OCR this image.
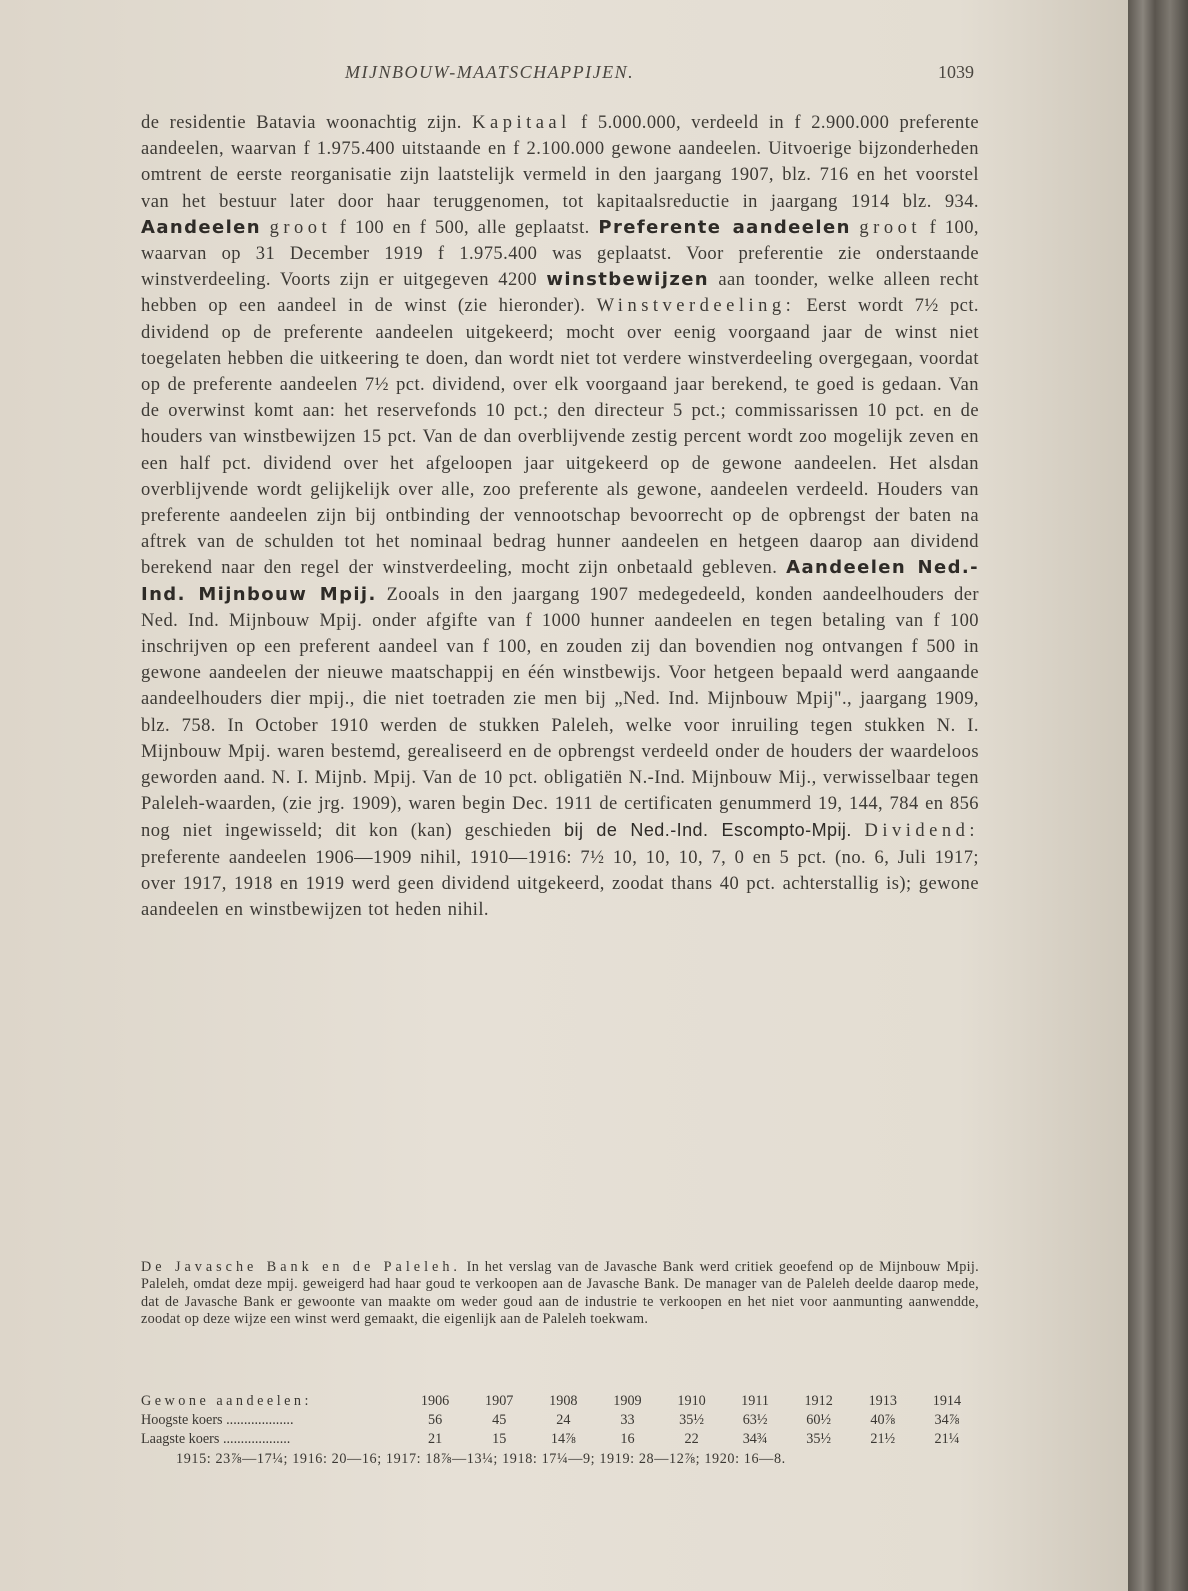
MIJNBOUW-MAATSCHAPPIJEN.	1039
de residentie Batavia woonachtig zijn. Kapitaal f 5.000.000, verdeeld in f 2.900.000 preferente aandeelen, waarvan f 1.975.400 uitstaande en f 2.100.000 gewone aandeelen. Uitvoerige bijzonderheden omtrent de eerste reorganisatie zijn laatstelijk vermeld in den jaargang 1907, blz. 716 en het voorstel van het bestuur later door haar teruggenomen, tot kapitaalsreductie in jaargang 1914 blz. 934. Aandeelen groot f 100 en f 500, alle geplaatst. Preferente aandeelen groot f 100, waarvan op 31 December 1919 f 1.975.400 was geplaatst. Voor preferentie zie onderstaande winstverdeeling. Voorts zijn er uitgegeven 4200 winstbewijzen aan toonder, welke alleen recht hebben op een aandeel in de winst (zie hieronder). Winstverdeeling: Eerst wordt 7½ pct. dividend op de preferente aandeelen uitgekeerd; mocht over eenig voorgaand jaar de winst niet toegelaten hebben die uitkeering te doen, dan wordt niet tot verdere winstverdeeling overgegaan, voordat op de preferente aandeelen 7½ pct. dividend, over elk voorgaand jaar berekend, te goed is gedaan. Van de overwinst komt aan: het reservefonds 10 pct.; den directeur 5 pct.; commissarissen 10 pct. en de houders van winstbewijzen 15 pct. Van de dan overblijvende zestig percent wordt zoo mogelijk zeven en een half pct. dividend over het afgeloopen jaar uitgekeerd op de gewone aandeelen. Het alsdan overblijvende wordt gelijkelijk over alle, zoo preferente als gewone, aandeelen verdeeld. Houders van preferente aandeelen zijn bij ontbinding der vennootschap bevoorrecht op de opbrengst der baten na aftrek van de schulden tot het nominaal bedrag hunner aandeelen en hetgeen daarop aan dividend berekend naar den regel der winstverdeeling, mocht zijn onbetaald gebleven. Aandeelen Ned.-Ind. Mijnbouw Mpij. Zooals in den jaargang 1907 medegedeeld, konden aandeelhouders der Ned. Ind. Mijnbouw Mpij. onder afgifte van f 1000 hunner aandeelen en tegen betaling van f 100 inschrijven op een preferent aandeel van f 100, en zouden zij dan bovendien nog ontvangen f 500 in gewone aandeelen der nieuwe maatschappij en één winstbewijs. Voor hetgeen bepaald werd aangaande aandeelhouders dier mpij., die niet toetraden zie men bij „Ned. Ind. Mijnbouw Mpij"., jaargang 1909, blz. 758. In October 1910 werden de stukken Paleleh, welke voor inruiling tegen stukken N. I. Mijnbouw Mpij. waren bestemd, gerealiseerd en de opbrengst verdeeld onder de houders der waardeloos geworden aand. N. I. Mijnb. Mpij. Van de 10 pct. obligatiën N.-Ind. Mijnbouw Mij., verwisselbaar tegen Paleleh-waarden, (zie jrg. 1909), waren begin Dec. 1911 de certificaten genummerd 19, 144, 784 en 856 nog niet ingewisseld; dit kon (kan) geschieden bij de Ned.-Ind. Escompto-Mpij. Dividend: preferente aandeelen 1906—1909 nihil, 1910—1916: 7½ 10, 10, 10, 7, 0 en 5 pct. (no. 6, Juli 1917; over 1917, 1918 en 1919 werd geen dividend uitgekeerd, zoodat thans 40 pct. achterstallig is); gewone aandeelen en winstbewijzen tot heden nihil.
De Javasche Bank en de Paleleh. In het verslag van de Javasche Bank werd critiek geoefend op de Mijnbouw Mpij. Paleleh, omdat deze mpij. geweigerd had haar goud te verkoopen aan de Javasche Bank. De manager van de Paleleh deelde daarop mede, dat de Javasche Bank er gewoonte van maakte om weder goud aan de industrie te verkoopen en het niet voor aanmunting aanwendde, zoodat op deze wijze een winst werd gemaakt, die eigenlijk aan de Paleleh toekwam.
Gewone aandeelen:	1906	1907	1908	1909	1910	1911	1912	1913	1914
Hoogste koers ...................	56	45	24	33	35½	63½	60½	40⅞	34⅞
Laagste koers ...................	21	15	14⅞	16	22	34¾	35½	21½	21¼
1915: 23⅞—17¼; 1916: 20—16; 1917: 18⅞—13¼; 1918: 17¼—9; 1919: 28—12⅞; 1920: 16—8.
